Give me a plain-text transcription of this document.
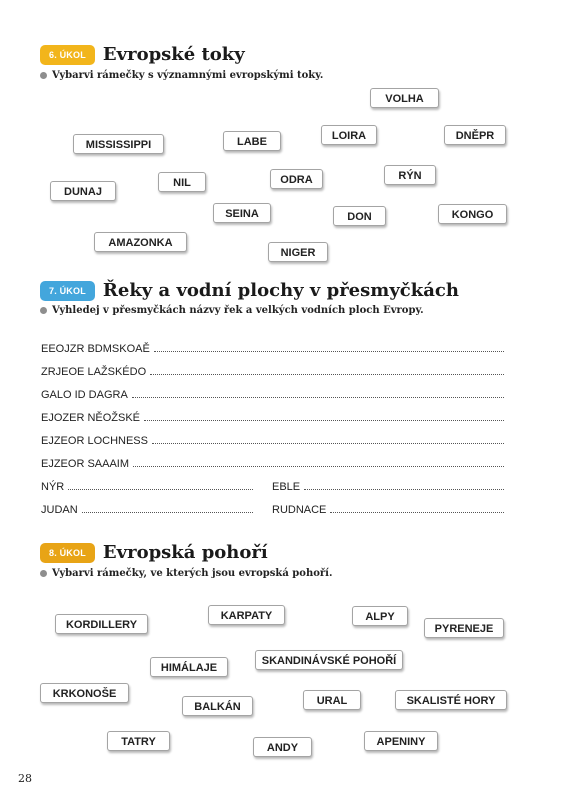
6. ÚKOL Evropské toky
Vybarvi rámečky s významnými evropskými toky.
VOLHA
MISSISSIPPI	LABE	LOIRA	DNĚPR
DUNAJ
NIL	ODRA	RÝN
SEINA	DON	KONGO
AMAZONKA
NIGER
7. ÚKOL Řeky a vodní plochy v přesmyčkách
Vyhledej v přesmyčkách názvy řek a velkých vodních ploch Evropy.
EEOJZR BDMSKOAĚ
ZRJEOE LAŽSKÉDO
GALO ID DAGRA
EJOZER NĚOŽSKÉ
EJZEOR LOCHNESS
EJZEOR SAAAIM
NÝR	EBLE
JUDAN	RUDNACE
8. ÚKOL Evropská pohoří
Vybarvi rámečky, ve kterých jsou evropská pohoří.
KORDILLERY
KARPATY	ALPY
PYRENEJE
HIMÁLAJE
SKANDINÁVSKÉ POHOŘÍ
KRKONOŠE
URAL	SKALISTÉ HORY
BALKÁN
TATRY	ANDY	APENINY
28
